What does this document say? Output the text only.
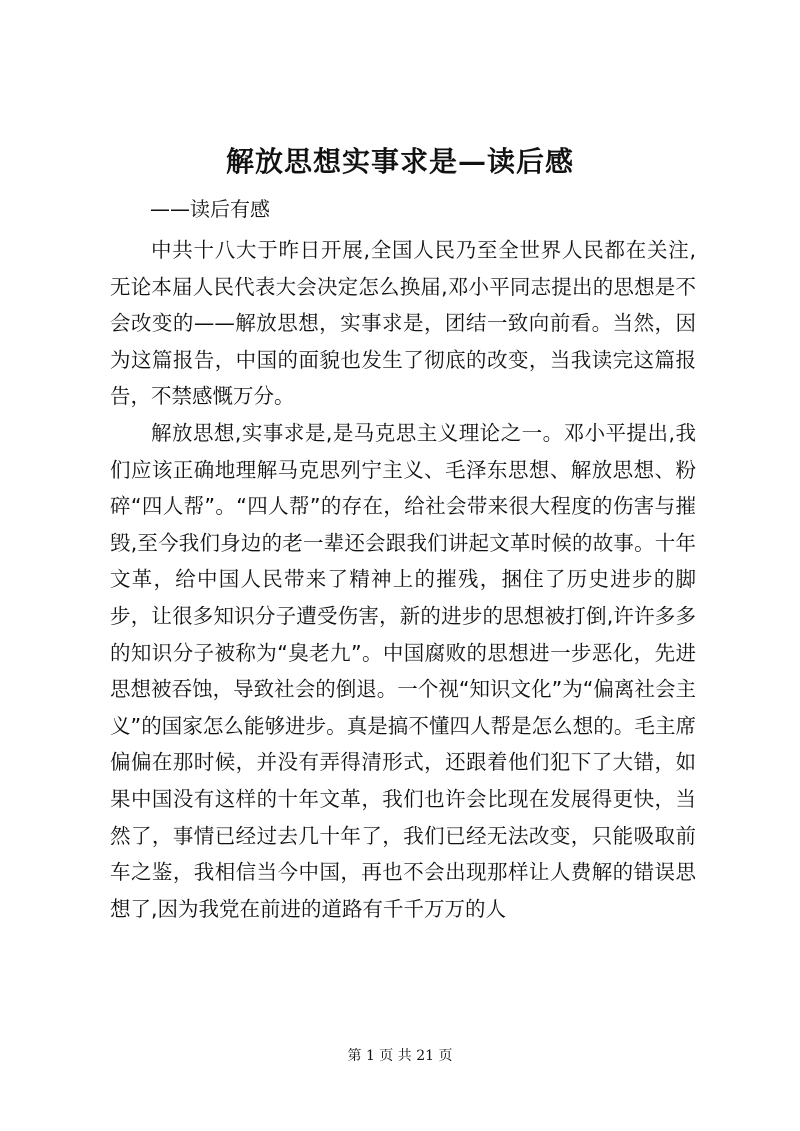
解放思想实事求是—读后感

——读后有感

中共十八大于昨日开展,全国人民乃至全世界人民都在关注,无论本届人民代表大会决定怎么换届,邓小平同志提出的思想是不会改变的——解放思想，实事求是，团结一致向前看。当然，因为这篇报告，中国的面貌也发生了彻底的改变，当我读完这篇报告，不禁感慨万分。

解放思想,实事求是,是马克思主义理论之一。邓小平提出,我们应该正确地理解马克思列宁主义、毛泽东思想、解放思想、粉碎“四人帮”。“四人帮”的存在，给社会带来很大程度的伤害与摧毁,至今我们身边的老一辈还会跟我们讲起文革时候的故事。十年文革，给中国人民带来了精神上的摧残，捆住了历史进步的脚步，让很多知识分子遭受伤害，新的进步的思想被打倒,许许多多的知识分子被称为“臭老九”。中国腐败的思想进一步恶化，先进思想被吞蚀，导致社会的倒退。一个视“知识文化”为“偏离社会主义”的国家怎么能够进步。真是搞不懂四人帮是怎么想的。毛主席偏偏在那时候，并没有弄得清形式，还跟着他们犯下了大错，如果中国没有这样的十年文革，我们也许会比现在发展得更快，当然了，事情已经过去几十年了，我们已经无法改变，只能吸取前车之鉴，我相信当今中国，再也不会出现那样让人费解的错误思想了,因为我党在前进的道路有千千万万的人

第 1 页 共 21 页
